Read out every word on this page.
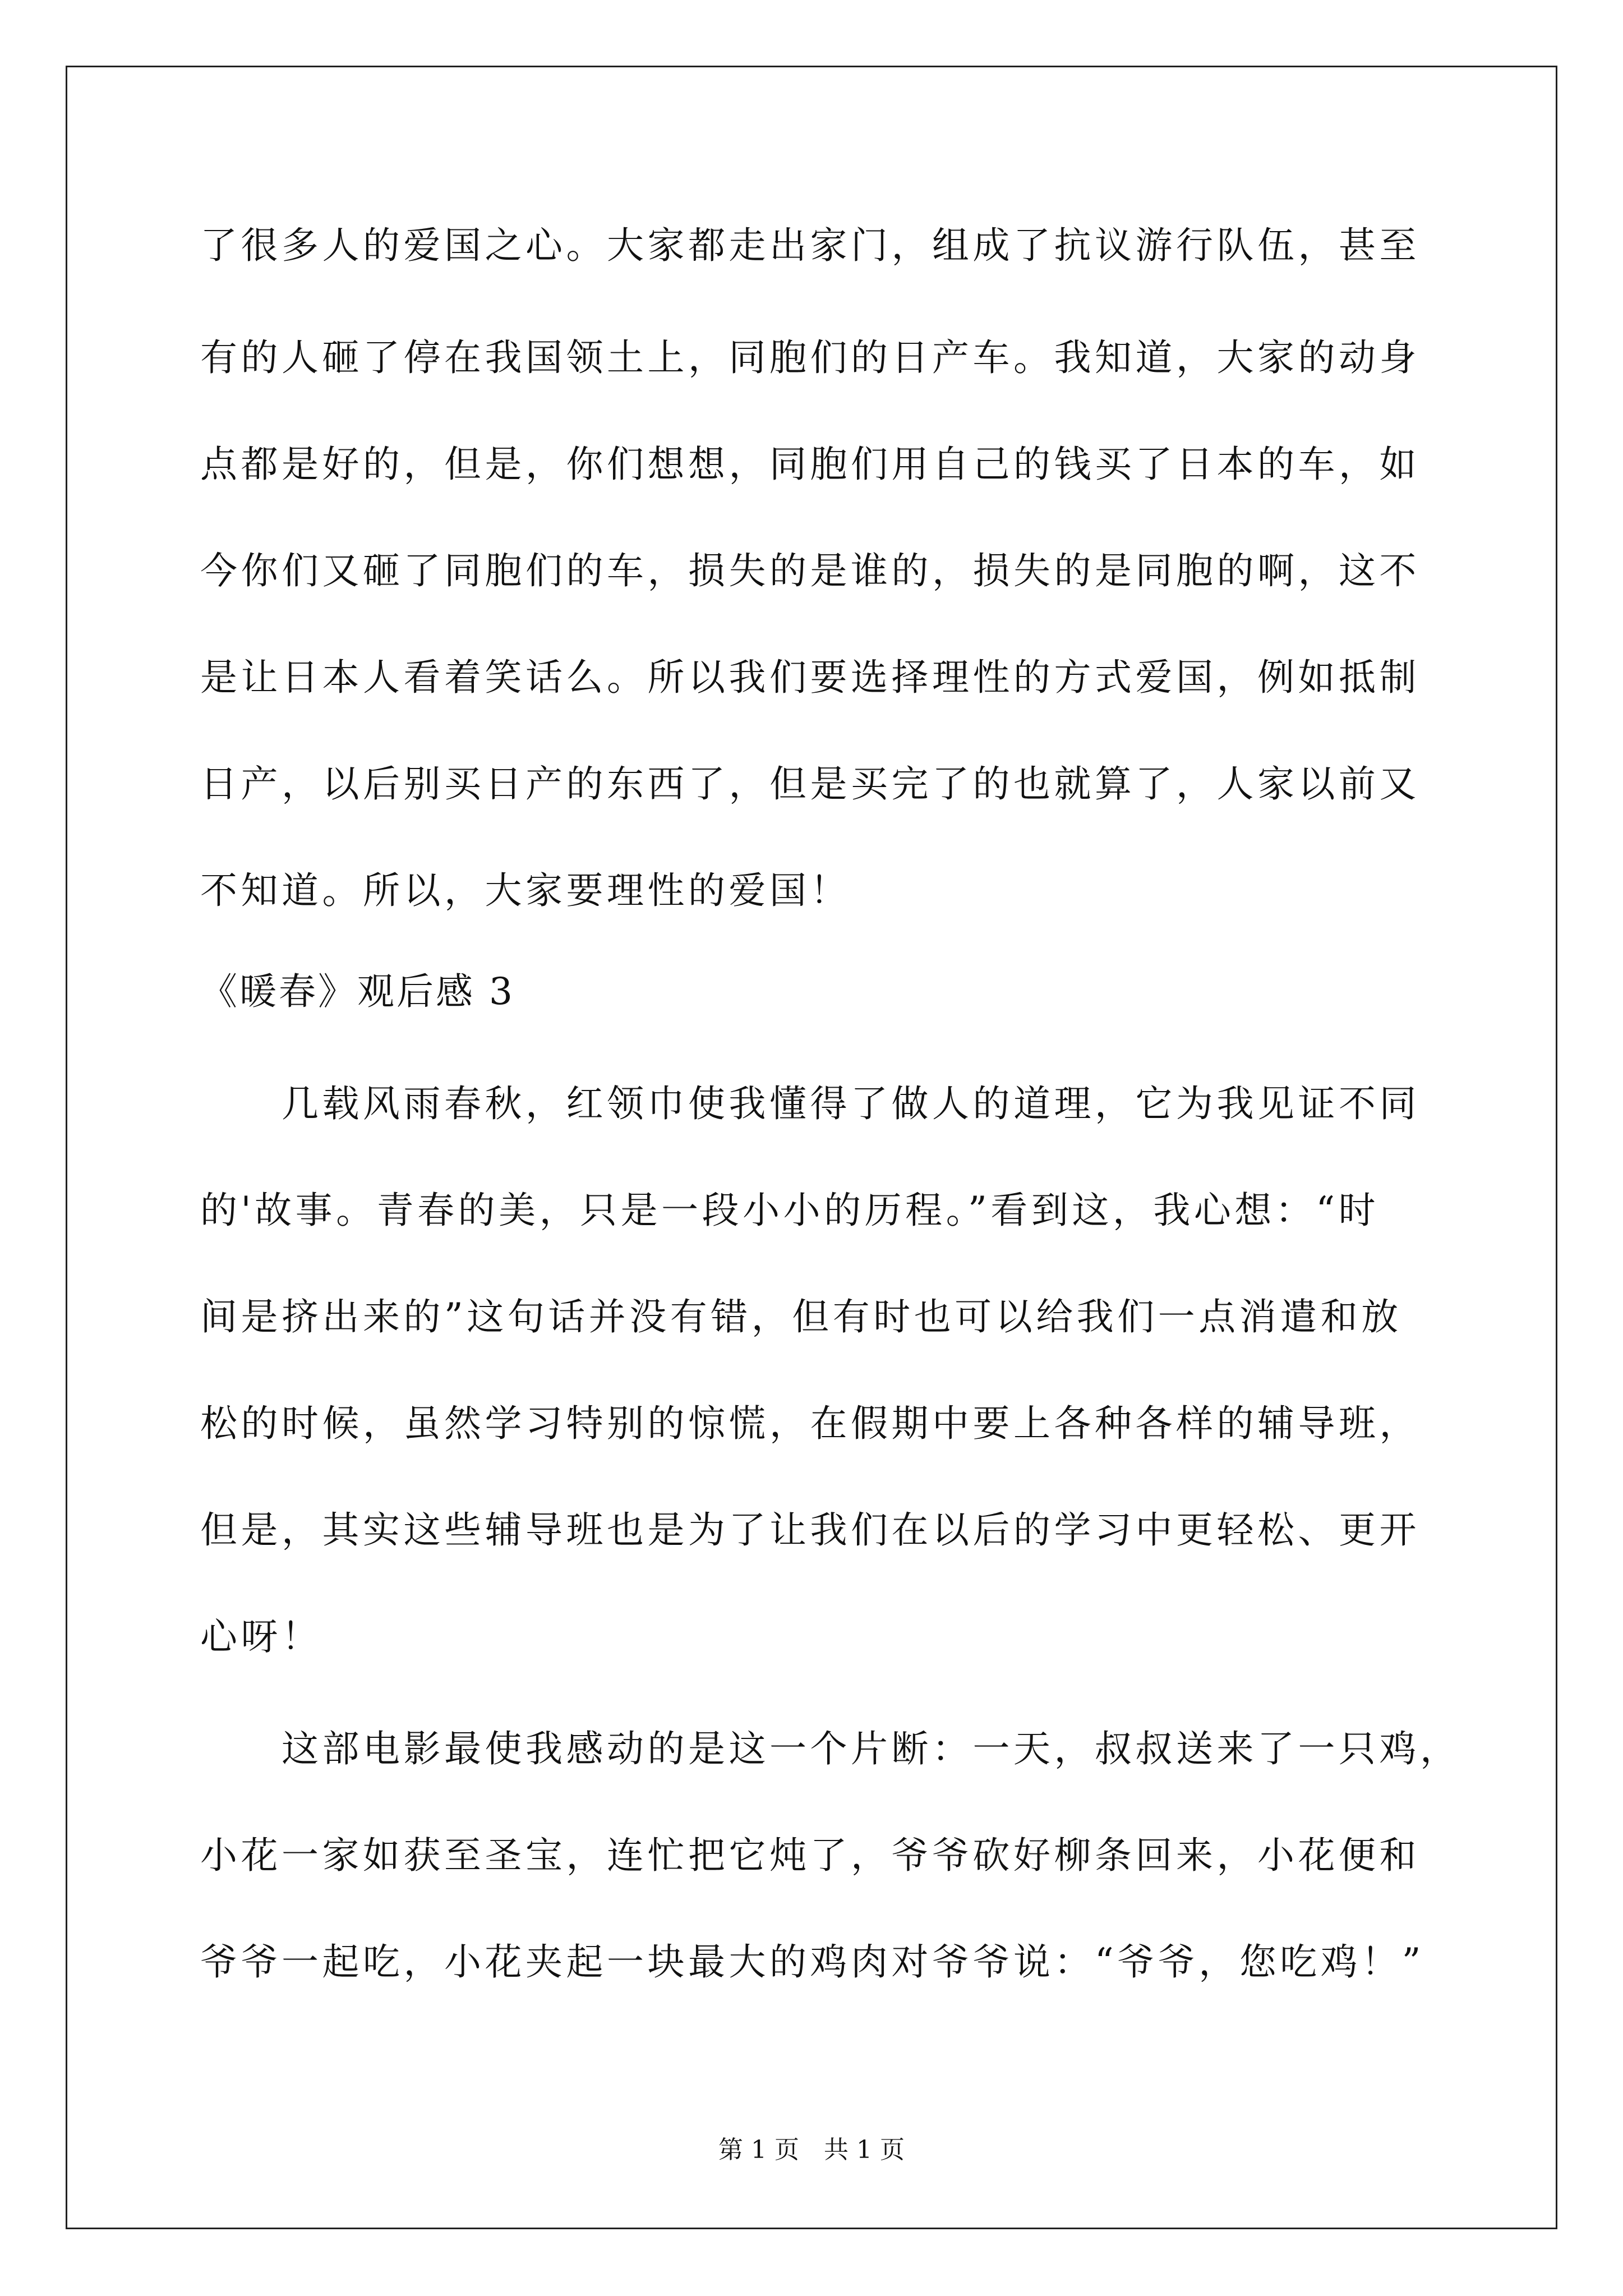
了很多人的爱国之心。大家都走出家门，组成了抗议游行队伍，甚至
有的人砸了停在我国领土上，同胞们的日产车。我知道，大家的动身
点都是好的，但是，你们想想，同胞们用自己的钱买了日本的车，如
今你们又砸了同胞们的车，损失的是谁的，损失的是同胞的啊，这不
是让日本人看着笑话么。所以我们要选择理性的方式爱国，例如抵制
日产，以后别买日产的东西了，但是买完了的也就算了，人家以前又
不知道。所以，大家要理性的爱国！
《暖春》观后感 3
　　几载风雨春秋，红领巾使我懂得了做人的道理，它为我见证不同
的'故事。青春的美，只是一段小小的历程。”看到这，我心想：“时
间是挤出来的”这句话并没有错，但有时也可以给我们一点消遣和放
松的时候，虽然学习特别的惊慌，在假期中要上各种各样的辅导班，
但是，其实这些辅导班也是为了让我们在以后的学习中更轻松、更开
心呀！
　　这部电影最使我感动的是这一个片断：一天，叔叔送来了一只鸡，
小花一家如获至圣宝，连忙把它炖了，爷爷砍好柳条回来，小花便和
爷爷一起吃，小花夹起一块最大的鸡肉对爷爷说：“爷爷，您吃鸡！”
第 1 页　共 1 页
